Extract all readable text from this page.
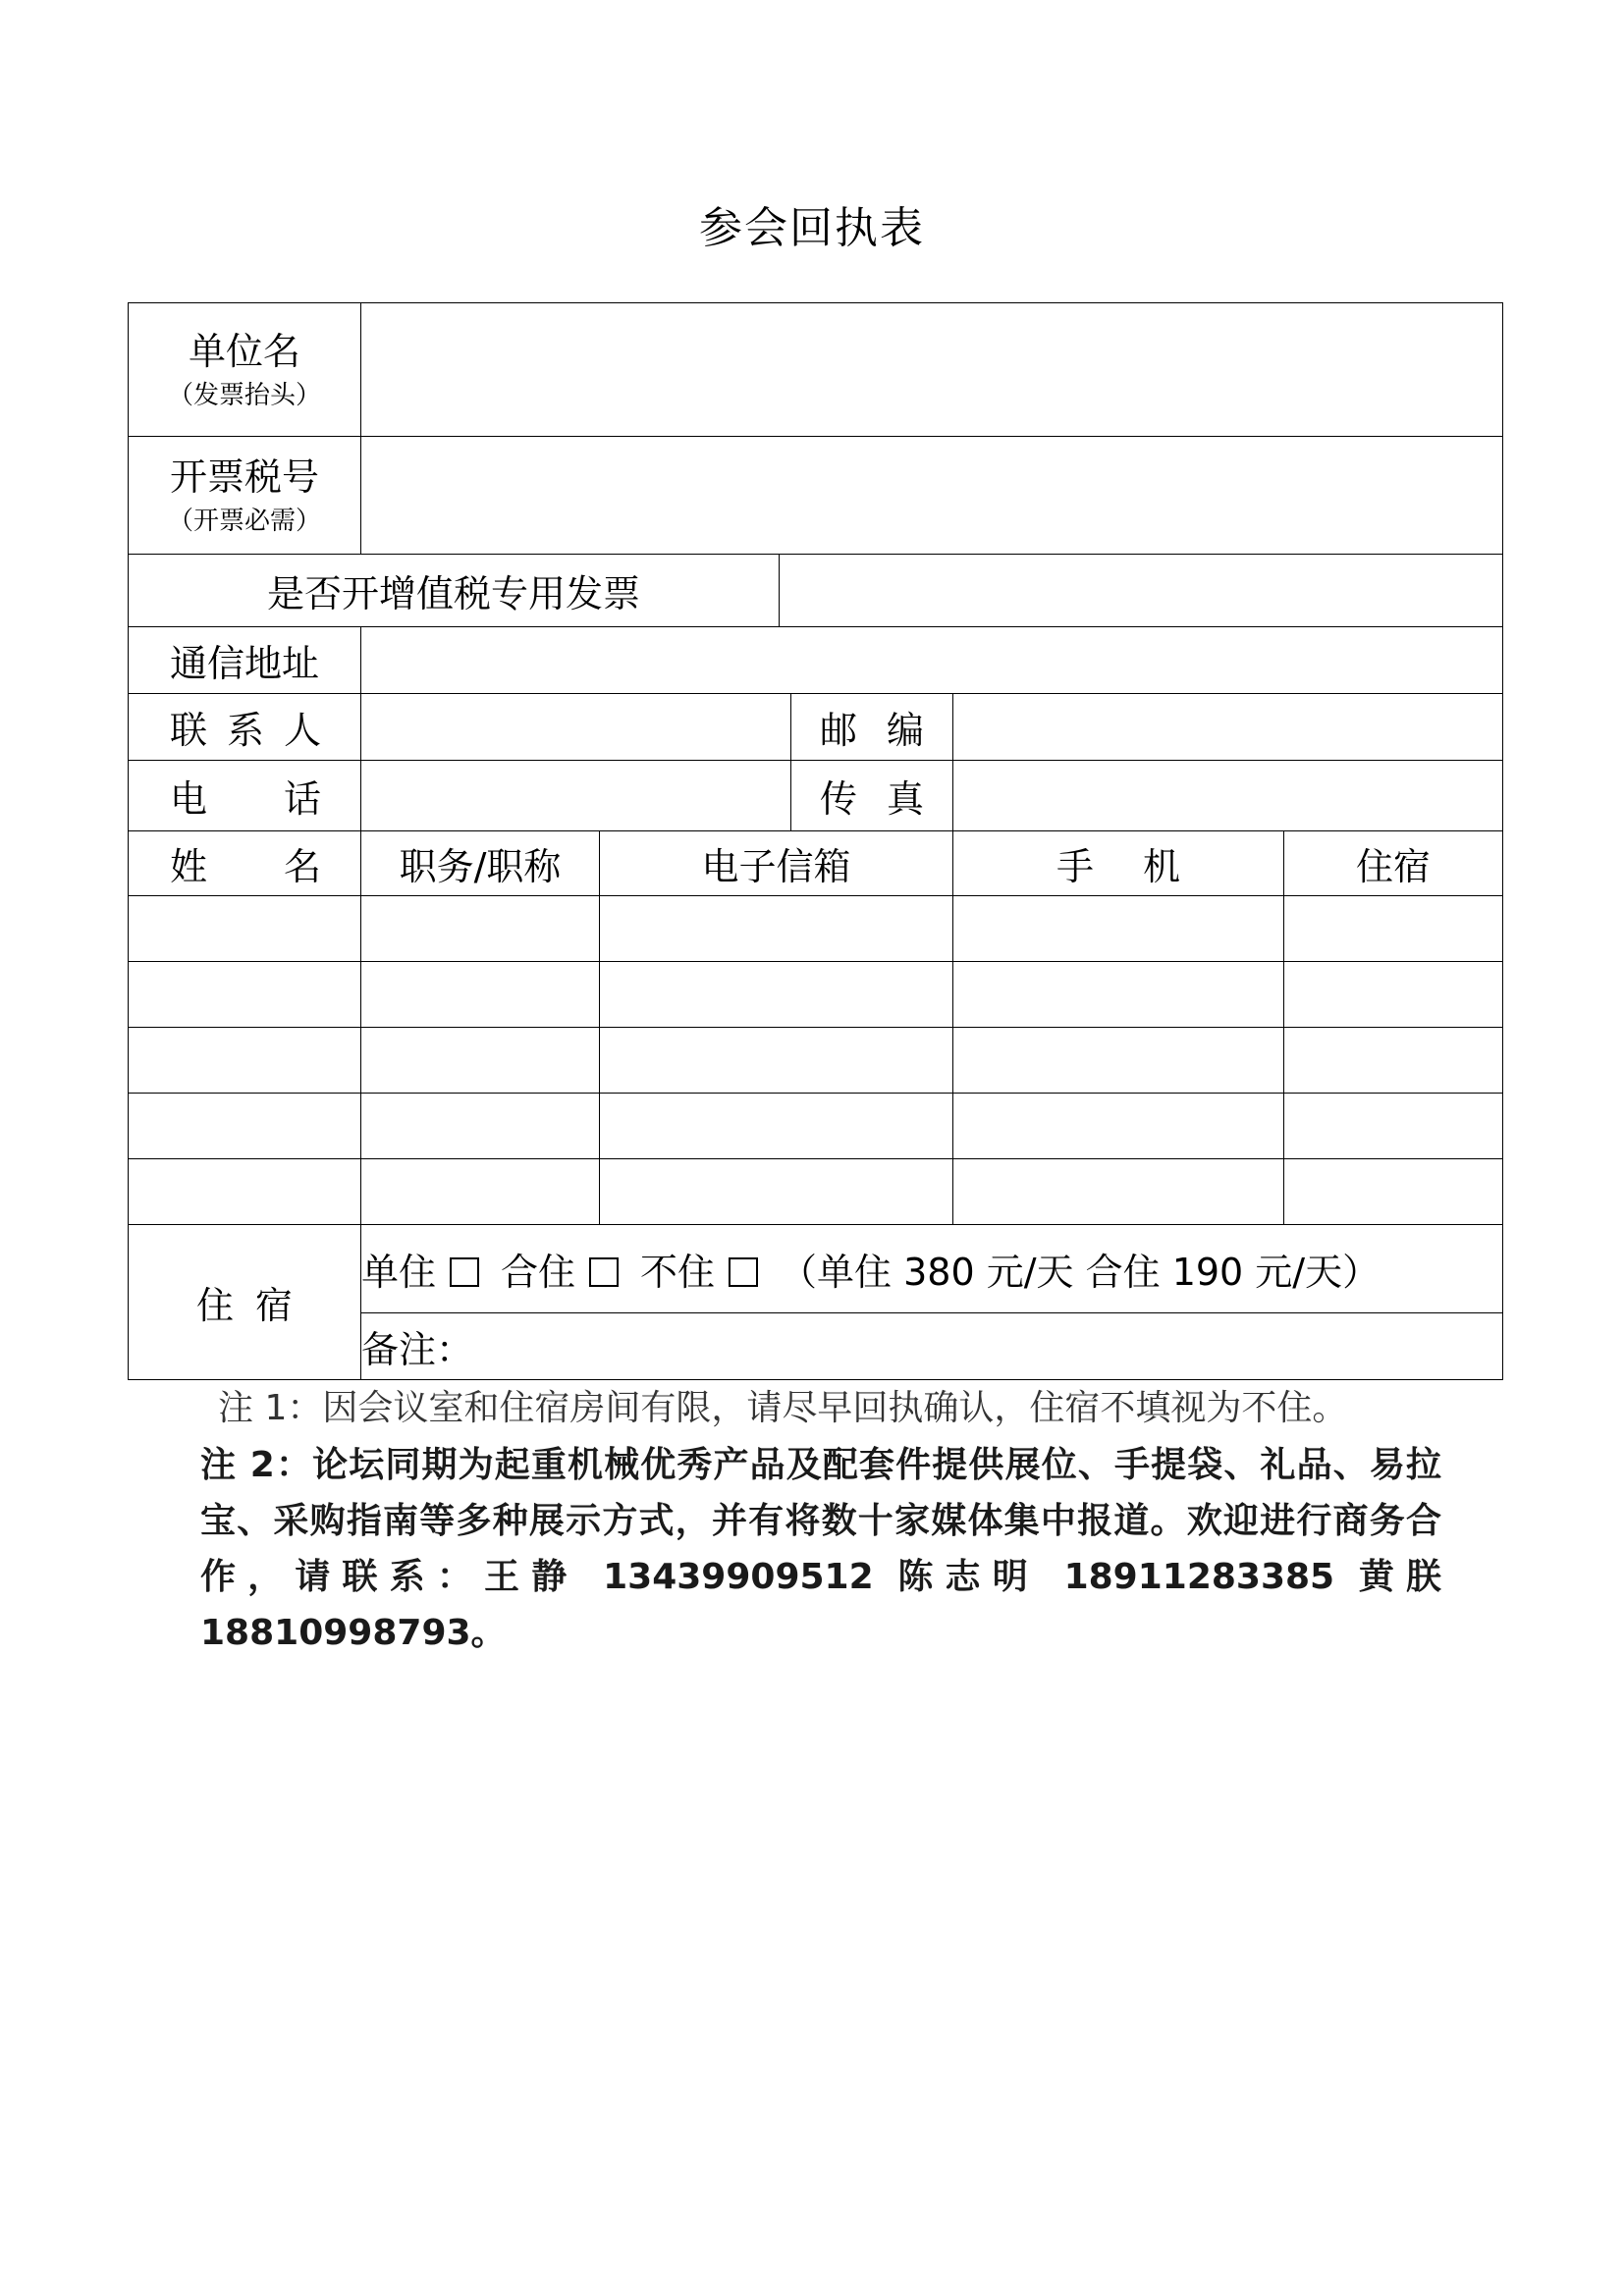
参会回执表
单位名
（发票抬头）						

开票税号
（开票必需）						

是否开增值税专用发票						
通信地址						

联 系 人				邮 编		

电 话				传 真		

姓 名	职务/职称	电子信箱			手 机	住宿

住 宿	单住 合住 不住 （单住 380 元/天 合住 190 元/天）					
	备注：					
注 1：因会议室和住宿房间有限，请尽早回执确认，住宿不填视为不住。
注 2：论坛同期为起重机械优秀产品及配套件提供展位、手提袋、礼品、易拉宝、采购指南等多种展示方式，并有将数十家媒体集中报道。欢迎进行商务合作，请联系：王静 13439909512 陈志明 18911283385 黄朕 18810998793。
